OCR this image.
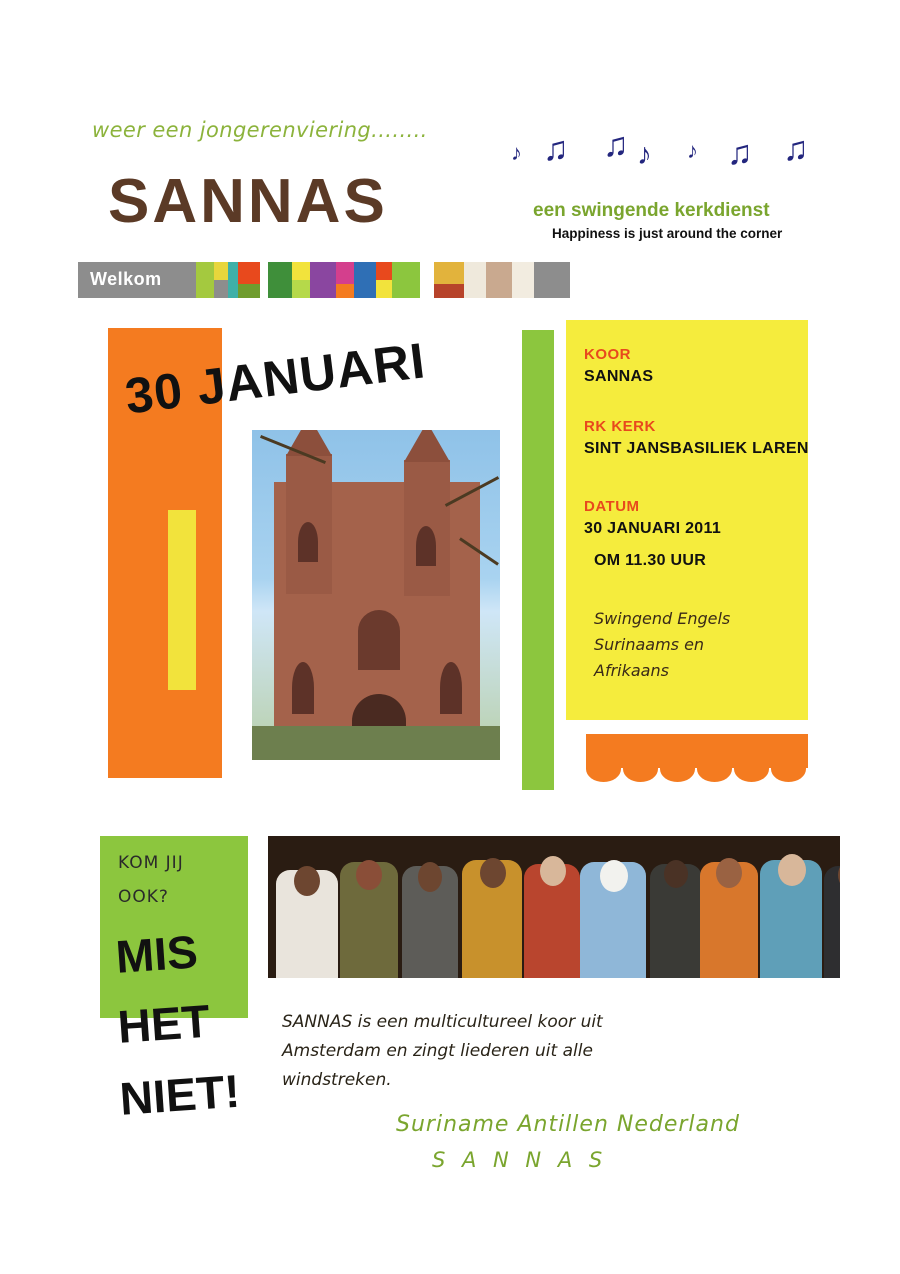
weer een jongerenviering........
SANNAS
♪ ♫ ♫ ♪ ♪ ♫ ♫
een swingende kerkdienst
Happiness is just around the corner
Welkom
30 JANUARI	KOOR
SANNAS
RK KERK
SINT JANSBASILIEK LAREN
DATUM
30 JANUARI 2011
OM 11.30 UUR
Swingend Engels
Surinaams en
Afrikaans
KOM JIJ
OOK?
MIS
HET
NIET!
SANNAS is een multicultureel koor uit Amsterdam en zingt liederen uit alle windstreken.
Suriname Antillen Nederland
S A N N A S
